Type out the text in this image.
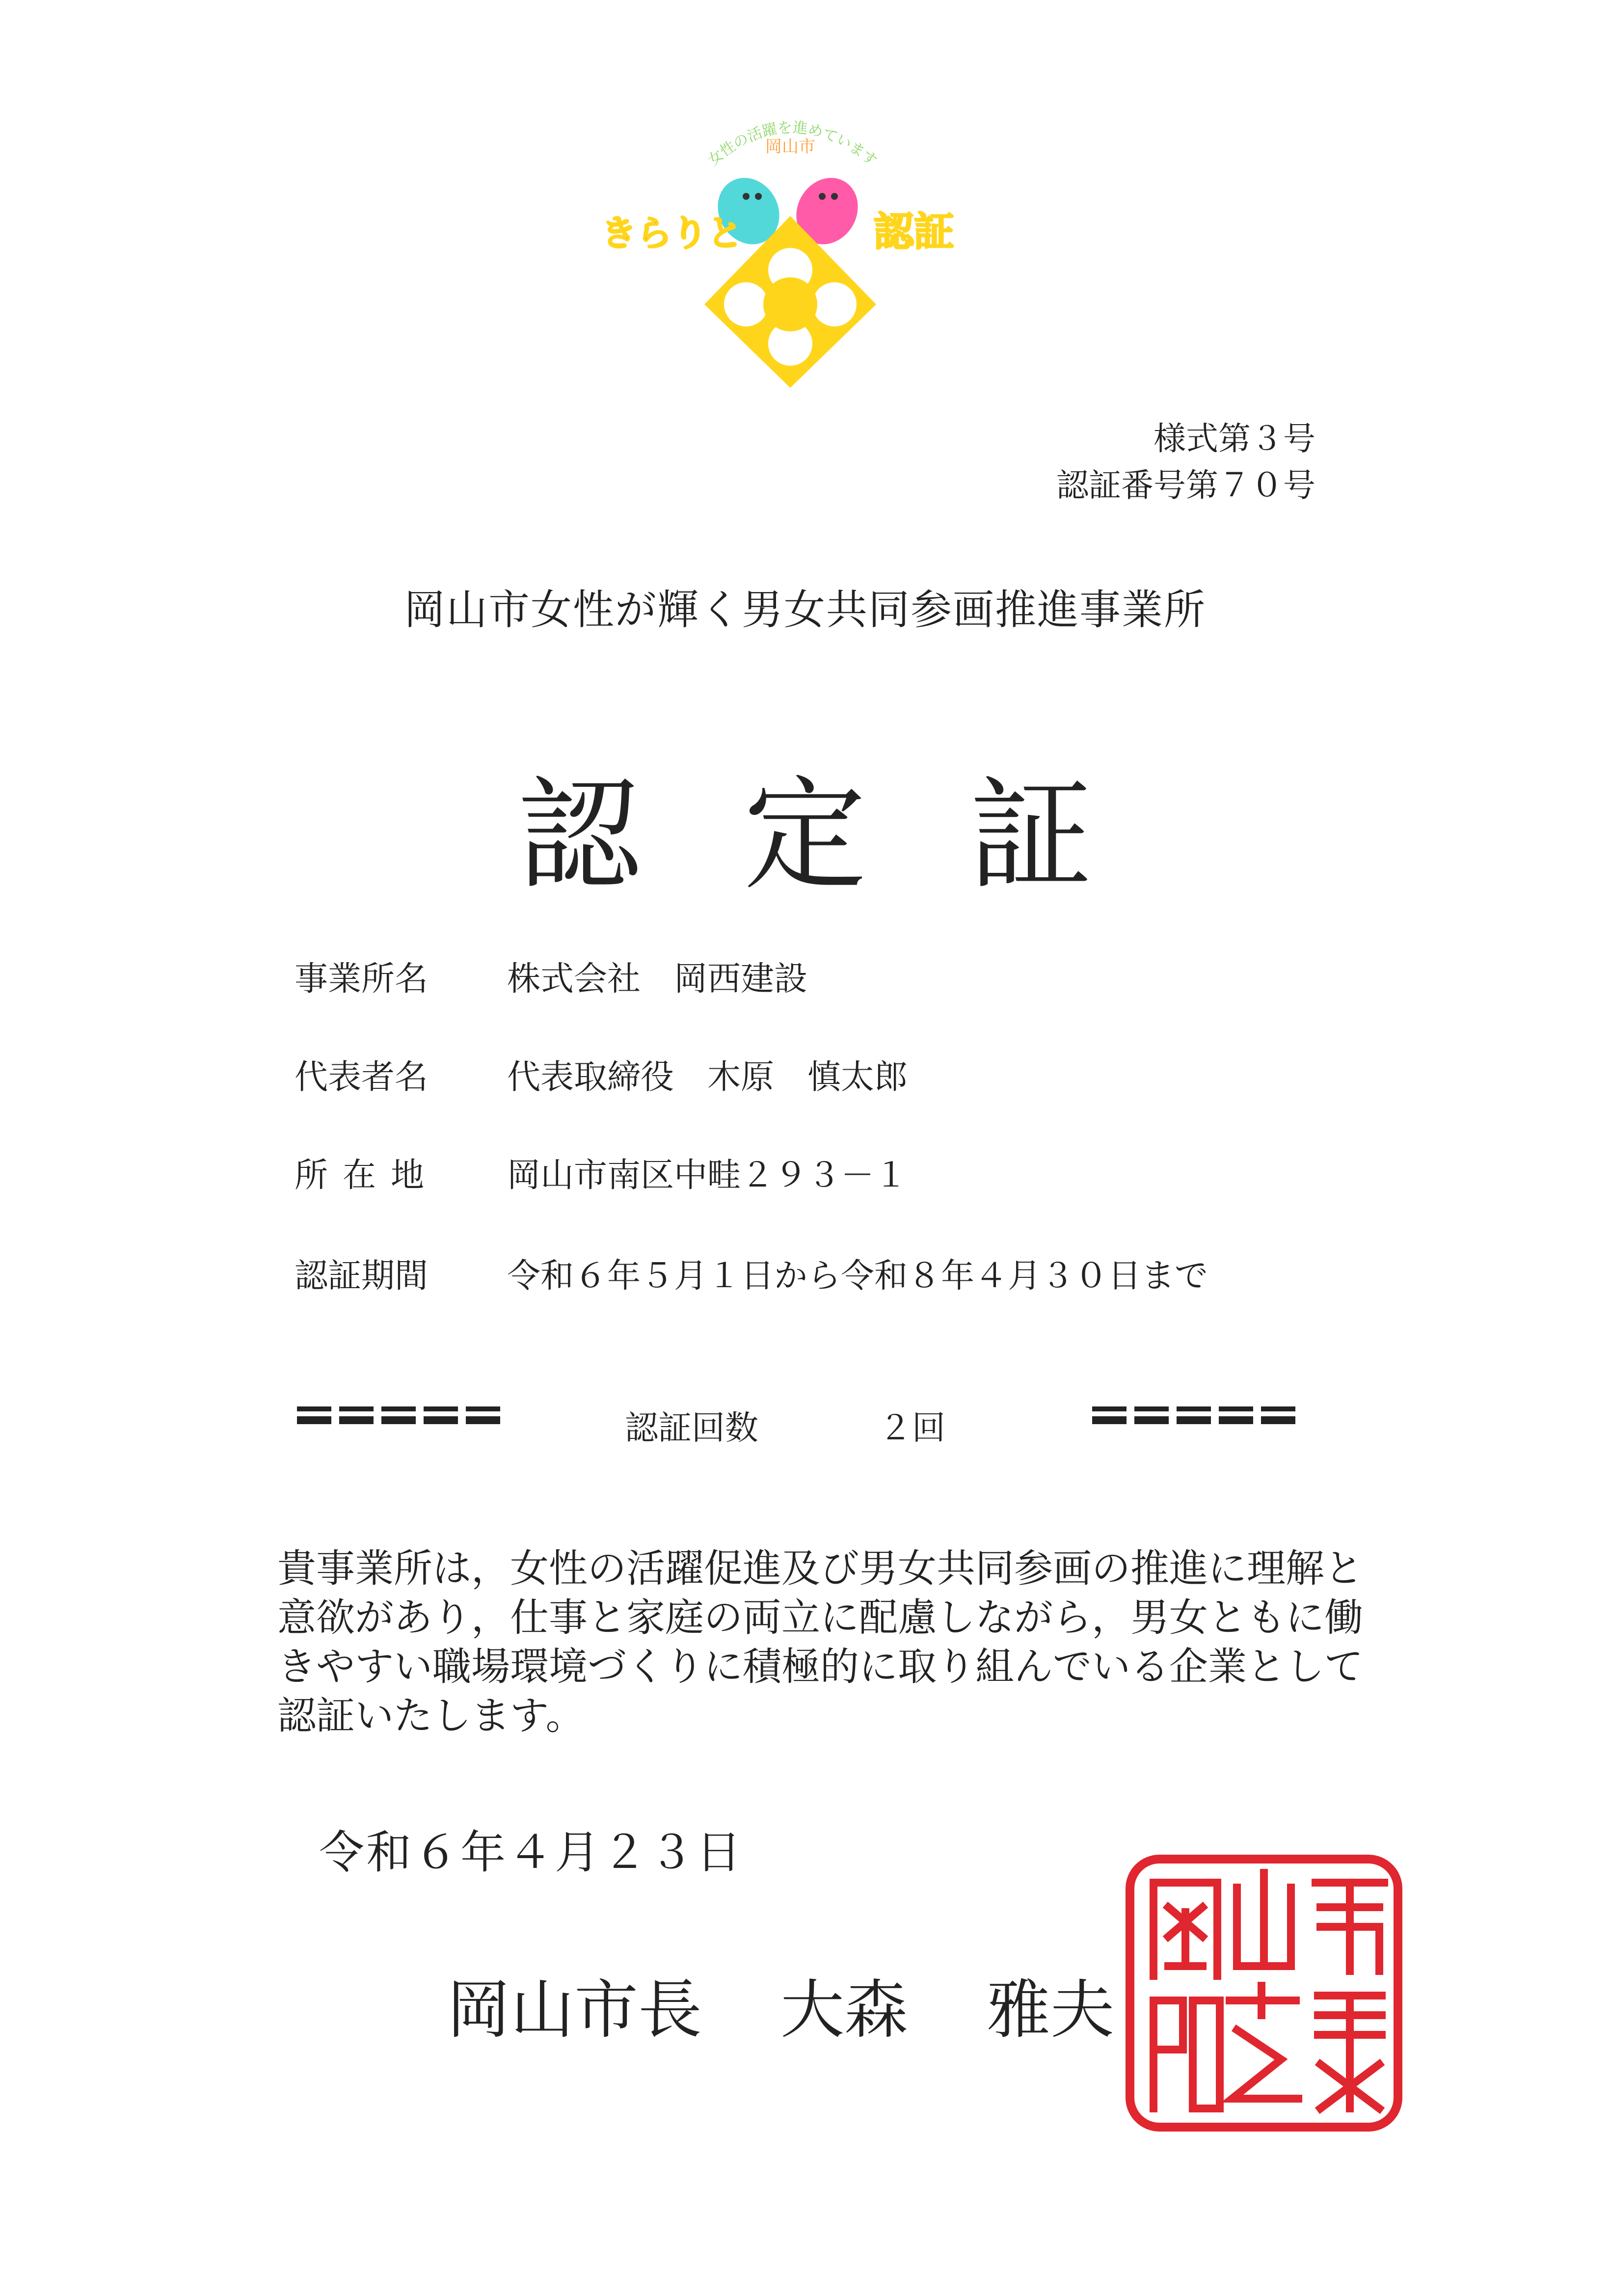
女性の活躍を進めています
岡山市
きらりと	認証
様式第３号
認証番号第７０号
岡山市女性が輝く男女共同参画推進事業所
認定証
事業所名 株式会社　岡西建設
代表者名 代表取締役　木原　慎太郎
所在地 岡山市南区中畦２９３－１
認証期間 令和６年５月１日から令和８年４月３０日まで
認証回数	２回
貴事業所は，女性の活躍促進及び男女共同参画の推進に理解と意欲があり，仕事と家庭の両立に配慮しながら，男女ともに働きやすい職場環境づくりに積極的に取り組んでいる企業として認証いたします。
令和６年４月２３日
岡山市長 大森 雅夫	岡山市長之印
